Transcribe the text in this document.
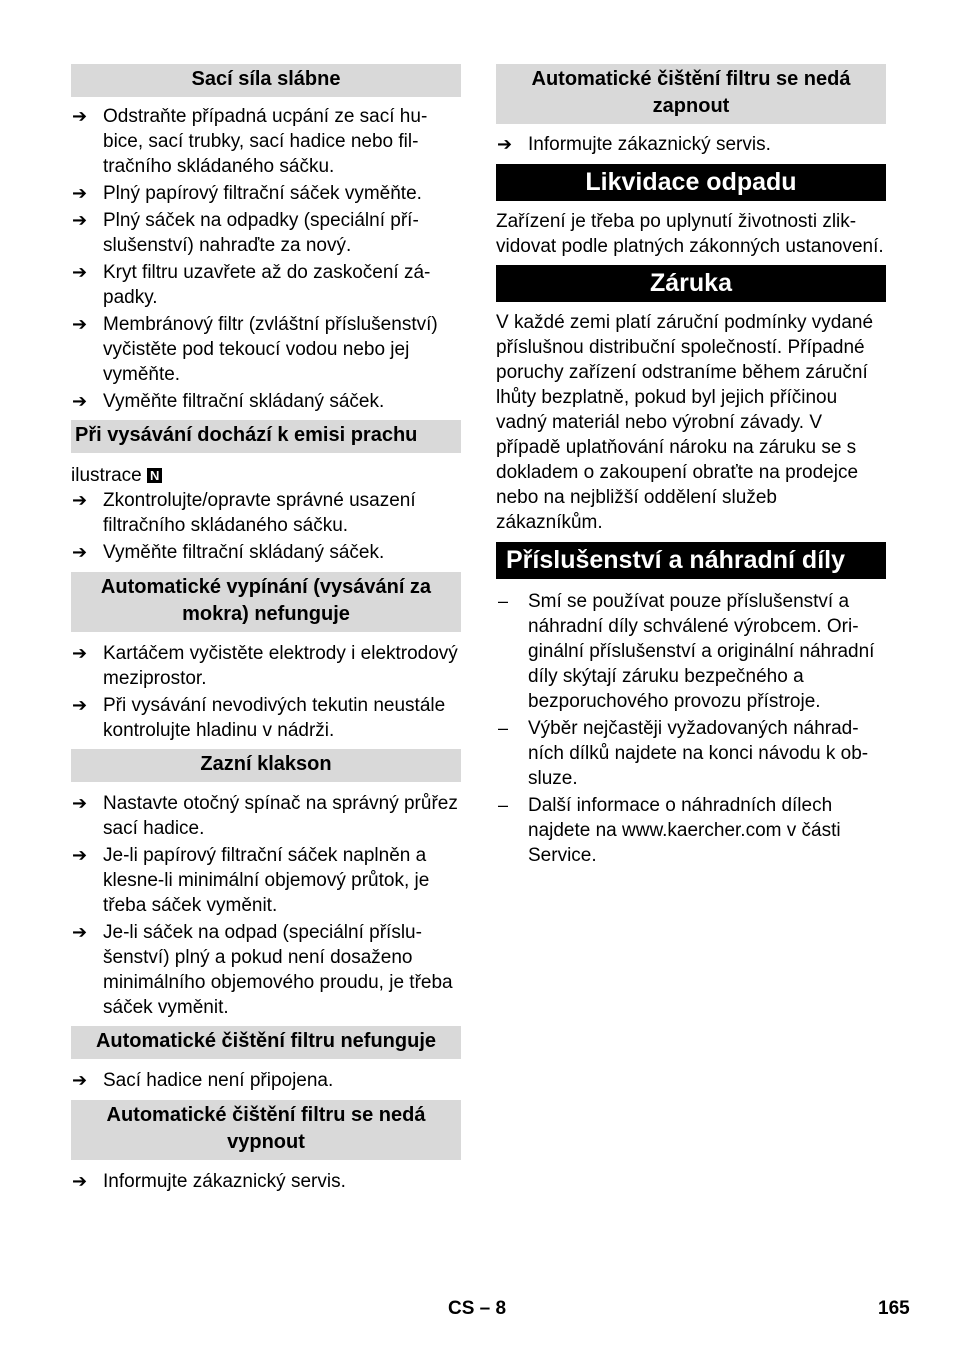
Sací síla slábne
➔ Odstraňte případná ucpání ze sací hubice, sací trubky, sací hadice nebo filtračního skládaného sáčku.
➔ Plný papírový filtrační sáček vyměňte.
➔ Plný sáček na odpadky (speciální příslušenství) nahraďte za nový.
➔ Kryt filtru uzavřete až do zaskočení západky.
➔ Membránový filtr (zvláštní příslušenství) vyčistěte pod tekoucí vodou nebo jej vyměňte.
➔ Vyměňte filtrační skládaný sáček.
Při vysávání dochází k emisi prachu

ilustrace N

➔ Zkontrolujte/opravte správné usazení filtračního skládaného sáčku.
➔ Vyměňte filtrační skládaný sáček.
Automatické vypínání (vysávání za mokra) nefunguje
➔ Kartáčem vyčistěte elektrody i elektrodový meziprostor.
➔ Při vysávání nevodivých tekutin neustále kontrolujte hladinu v nádrži.
Zazní klakson
➔ Nastavte otočný spínač na správný průřez sací hadice.
➔ Je-li papírový filtrační sáček naplněn a klesne-li minimální objemový průtok, je třeba sáček vyměnit.
➔ Je-li sáček na odpad (speciální příslušenství) plný a pokud není dosaženo minimálního objemového proudu, je třeba sáček vyměnit.
Automatické čištění filtru nefunguje
➔ Sací hadice není připojena.
Automatické čištění filtru se nedá vypnout
➔ Informujte zákaznický servis.
Automatické čištění filtru se nedá zapnout
➔ Informujte zákaznický servis.
Likvidace odpadu

Zařízení je třeba po uplynutí životnosti zlikvidovat podle platných zákonných ustanovení.

Záruka

V každé zemi platí záruční podmínky vydané příslušnou distribuční společností. Případné poruchy zařízení odstraníme během záruční lhůty bezplatně, pokud byl jejich příčinou vadný materiál nebo výrobní závady. V případě uplatňování nároku na záruku se s dokladem o zakoupení obraťte na prodejce nebo na nejbližší oddělení služeb zákazníkům.

Příslušenství a náhradní díly
– Smí se používat pouze příslušenství a náhradní díly schválené výrobcem. Originální příslušenství a originální náhradní díly skýtají záruku bezpečného a bezporuchového provozu přístroje.
– Výběr nejčastěji vyžadovaných náhradních dílků najdete na konci návodu k obsluze.
– Další informace o náhradních dílech najdete na www.kaercher.com v části Service.
CS – 8	165
